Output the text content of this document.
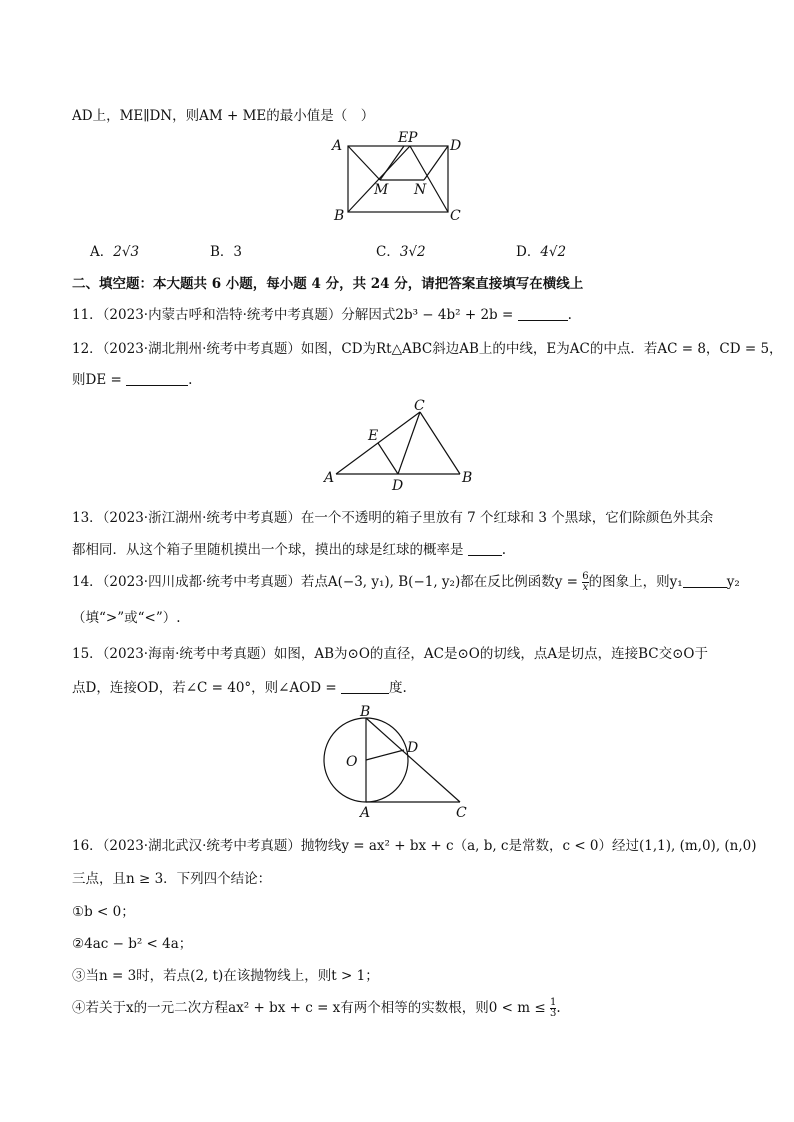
AD上，ME∥DN，则AM + ME的最小值是（　）
A	E P D
M N
B	C
A．2√3	B．3	C．3√2	D．4√2
二、填空题：本大题共 6 小题，每小题 4 分，共 24 分，请把答案直接填写在横线上
11．（2023·内蒙古呼和浩特·统考中考真题）分解因式2b³ − 4b² + 2b =	.
12．（2023·湖北荆州·统考中考真题）如图，CD为Rt△ABC斜边AB上的中线，E为AC的中点．若AC = 8，CD = 5，
则DE =	.
C
E
A	D	B
13．（2023·浙江湖州·统考中考真题）在一个不透明的箱子里放有 7 个红球和 3 个黑球，它们除颜色外其余
都相同．从这个箱子里随机摸出一个球，摸出的球是红球的概率是	.
14．（2023·四川成都·统考中考真题）若点A(−3, y₁), B(−1, y₂)都在反比例函数$y = \frac{6}{x}$ 的图象上，则y₁	y₂
（填“>”或“<”）.
15．（2023·海南·统考中考真题）如图，AB为⊙O的直径，AC是⊙O的切线，点A是切点，连接BC交⊙O于
点D，连接OD，若∠C = 40°，则∠AOD =	度.
B
D
O
A	C
16．（2023·湖北武汉·统考中考真题）抛物线y = ax² + bx + c（a, b, c是常数，c < 0）经过(1,1), (m,0), (n,0)
三点，且n ≥ 3．下列四个结论：
①b < 0；
②4ac − b² < 4a；
③当n = 3时，若点(2, t)在该抛物线上，则t > 1；
④若关于x的一元二次方程ax² + bx + c = x有两个相等的实数根，则$0 < m \le \frac{1}{3}$ .
